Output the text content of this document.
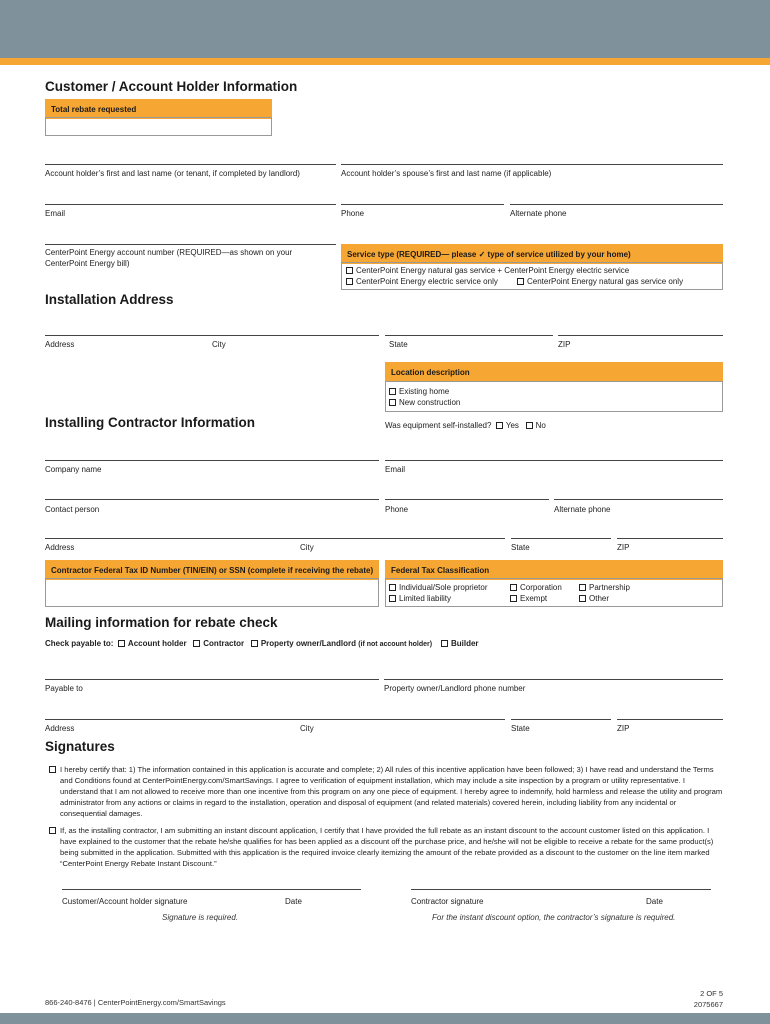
Customer / Account Holder Information
Total rebate requested
Account holder’s first and last name (or tenant, if completed by landlord)	Account holder’s spouse’s first and last name (if applicable)
Email	Phone	Alternate phone
CenterPoint Energy account number (REQUIRED—as shown on your CenterPoint Energy bill)
Service type (REQUIRED— please ✓ type of service utilized by your home)
CenterPoint Energy natural gas service + CenterPoint Energy electric service
CenterPoint Energy electric service only	CenterPoint Energy natural gas service only
Installation Address
Address	City	State	ZIP
Location description
Existing home
New construction
Installing Contractor Information	Was equipment self-installed? Yes No
Company name	Email
Contact person	Phone	Alternate phone
Address	City	State	ZIP
Contractor Federal Tax ID Number (TIN/EIN) or SSN (complete if receiving the rebate)	Federal Tax Classification
Individual/Sole proprietor
Limited liability
Corporation
Exempt
Partnership
Other
Mailing information for rebate check
Check payable to: Account holder Contractor Property owner/Landlord (if not account holder) Builder
Payable to	Property owner/Landlord phone number
Address	City	State	ZIP
Signatures
I hereby certify that: 1) The information contained in this application is accurate and complete; 2) All rules of this incentive application have been followed; 3) I have read and understand the Terms and Conditions found at CenterPointEnergy.com/SmartSavings. I agree to verification of equipment installation, which may include a site inspection by a program or utility representative. I understand that I am not allowed to receive more than one incentive from this program on any one piece of equipment. I hereby agree to indemnify, hold harmless and release the utility and program administrator from any actions or claims in regard to the installation, operation and disposal of equipment (and related materials) covered herein, including liability from any incidental or consequential damages.
If, as the installing contractor, I am submitting an instant discount application, I certify that I have provided the full rebate as an instant discount to the account customer listed on this application. I have explained to the customer that the rebate he/she qualifies for has been applied as a discount off the purchase price, and he/she will not be eligible to receive a rebate for the same product(s) being submitted in the application. Submitted with this application is the required invoice clearly itemizing the amount of the rebate provided as a discount to the customer on the line item marked “CenterPoint Energy Rebate Instant Discount.”
Customer/Account holder signature	Date	Contractor signature	Date
Signature is required.	For the instant discount option, the contractor’s signature is required.
866-240-8476 | CenterPointEnergy.com/SmartSavings
2 OF 5
2075667
